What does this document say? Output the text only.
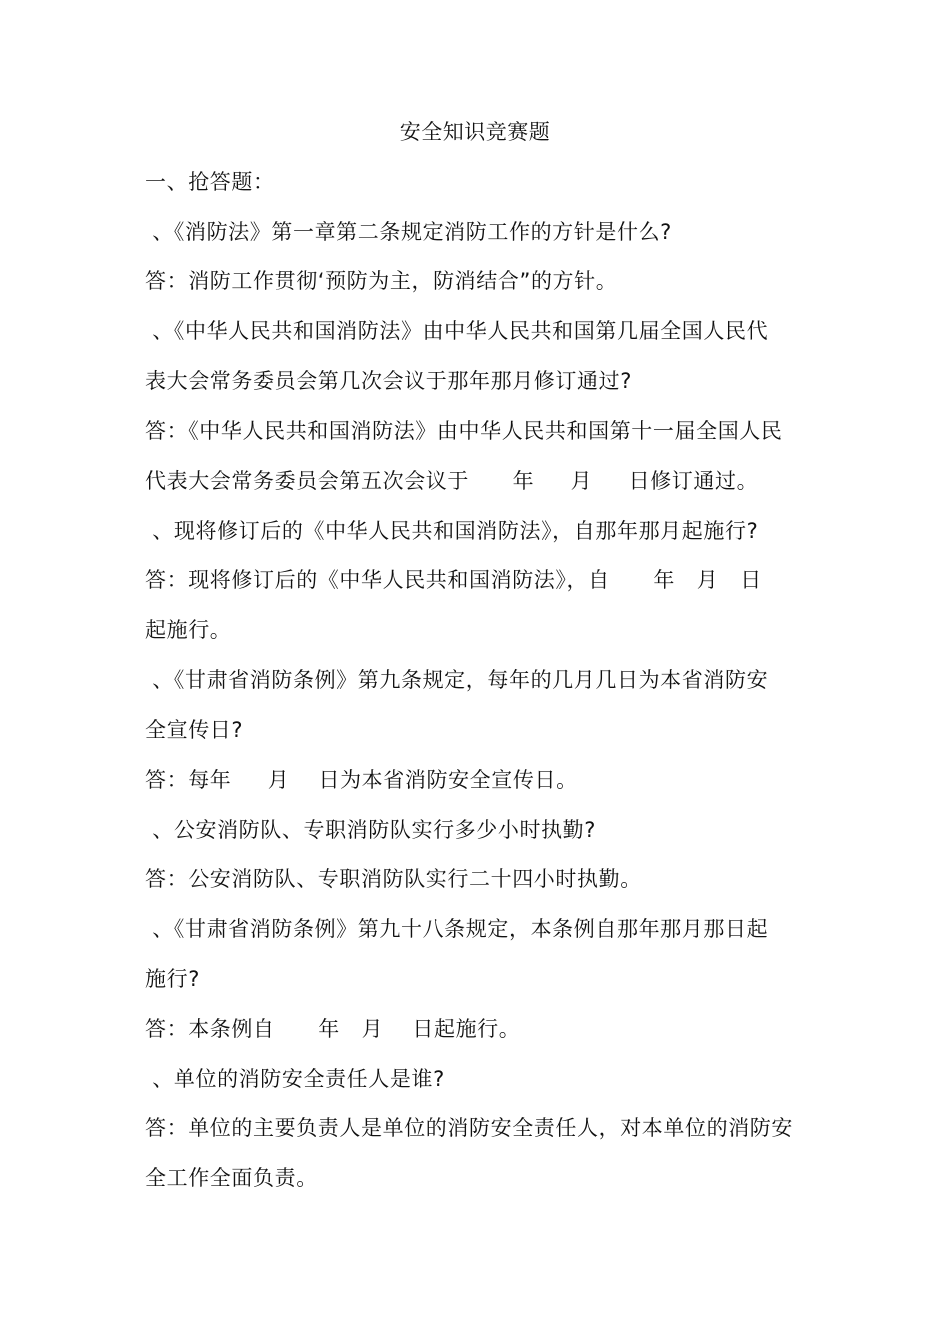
安全知识竞赛题
一、抢答题：
、《消防法》第一章第二条规定消防工作的方针是什么?
答：消防工作贯彻‘预防为主，防消结合”的方针。
、《中华人民共和国消防法》由中华人民共和国第几届全国人民代
表大会常务委员会第几次会议于那年那月修订通过?
答：《中华人民共和国消防法》由中华人民共和国第十一届全国人民
代表大会常务委员会第五次会议于      年     月     日修订通过。
、现将修订后的《中华人民共和国消防法》，自那年那月起施行?
答：现将修订后的《中华人民共和国消防法》，自      年   月   日
起施行。
、《甘肃省消防条例》第九条规定，每年的几月几日为本省消防安
全宣传日?
答：每年     月    日为本省消防安全宣传日。
、公安消防队、专职消防队实行多少小时执勤?
答：公安消防队、专职消防队实行二十四小时执勤。
、《甘肃省消防条例》第九十八条规定，本条例自那年那月那日起
施行?
答：本条例自      年   月    日起施行。
、单位的消防安全责任人是谁?
答：单位的主要负责人是单位的消防安全责任人，对本单位的消防安
全工作全面负责。
